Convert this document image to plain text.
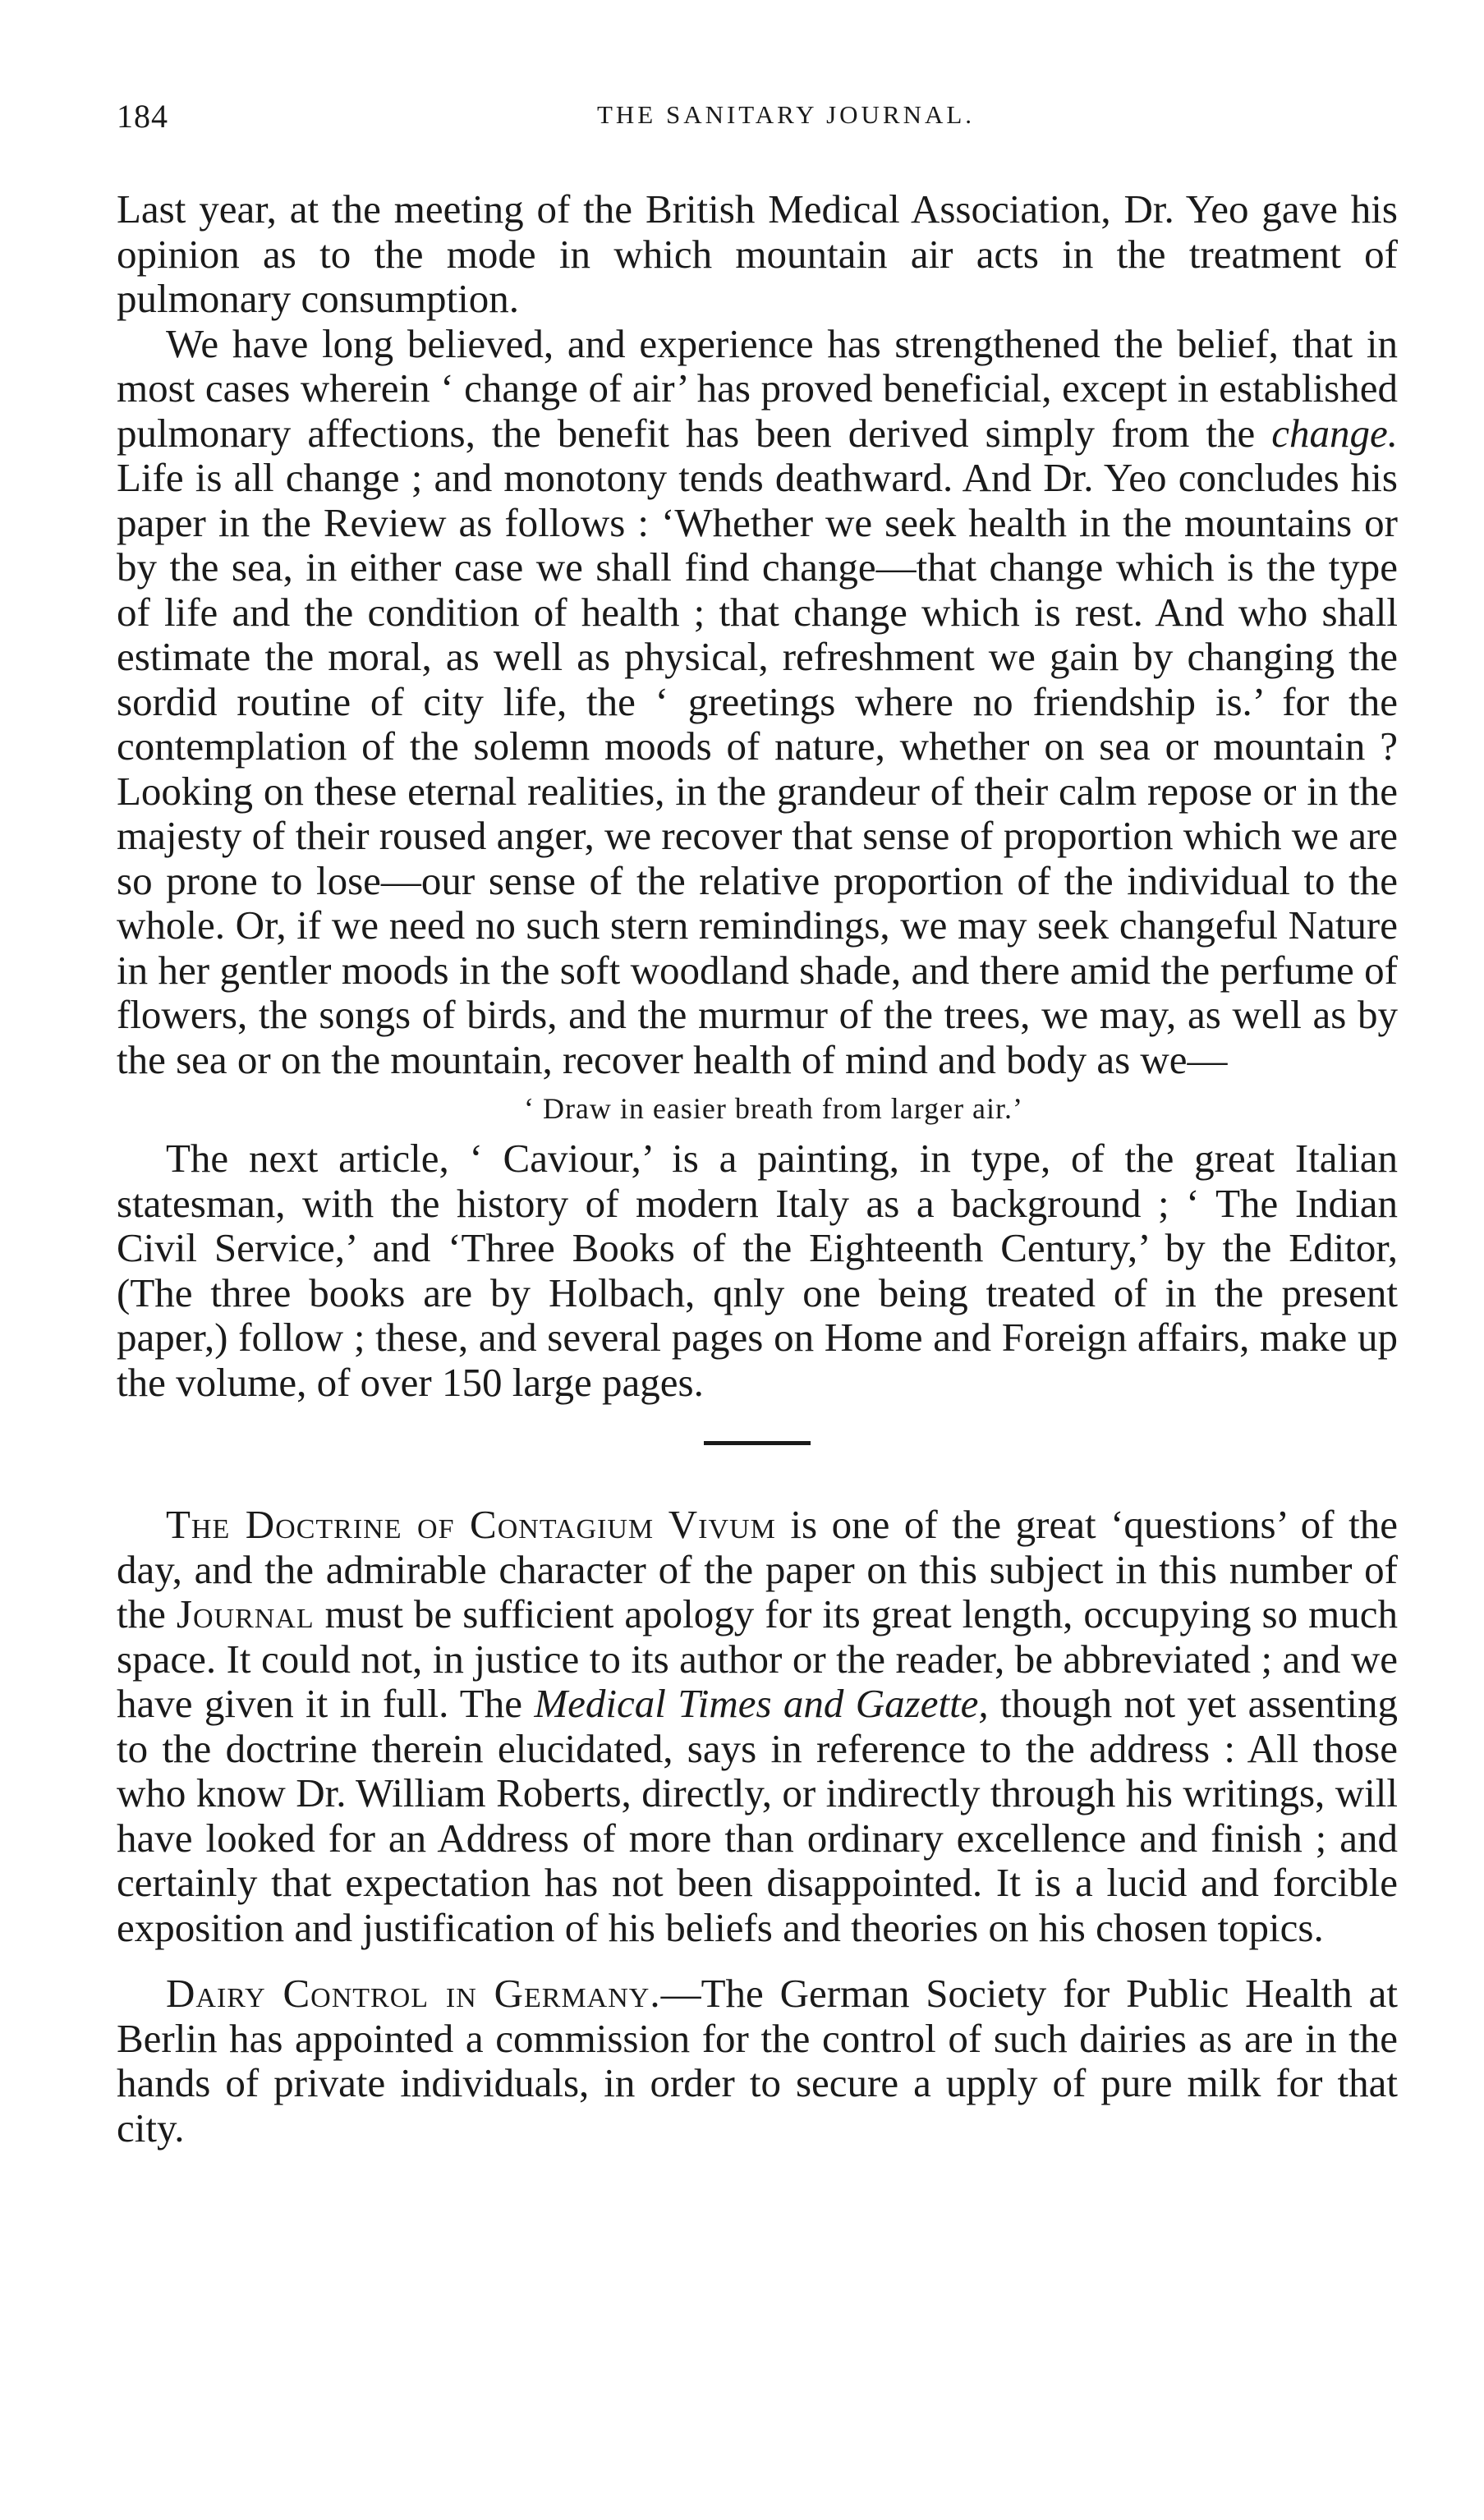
184	THE SANITARY JOURNAL.

Last year, at the meeting of the British Medical Association, Dr. Yeo gave his opinion as to the mode in which mountain air acts in the treatment of pulmonary consumption.

We have long believed, and experience has strengthened the belief, that in most cases wherein ‘ change of air’ has proved beneficial, except in established pulmonary affections, the benefit has been derived simply from the change. Life is all change ; and monotony tends deathward. And Dr. Yeo concludes his paper in the Review as follows : ‘Whether we seek health in the mountains or by the sea, in either case we shall find change—that change which is the type of life and the condition of health ; that change which is rest. And who shall estimate the moral, as well as physical, refreshment we gain by changing the sordid routine of city life, the ‘ greetings where no friendship is.’ for the contemplation of the solemn moods of nature, whether on sea or mountain ? Looking on these eternal realities, in the grandeur of their calm repose or in the majesty of their roused anger, we recover that sense of proportion which we are so prone to lose—our sense of the relative proportion of the individual to the whole. Or, if we need no such stern remindings, we may seek changeful Nature in her gentler moods in the soft woodland shade, and there amid the perfume of flowers, the songs of birds, and the murmur of the trees, we may, as well as by the sea or on the mountain, recover health of mind and body as we—

‘ Draw in easier breath from larger air.’

The next article, ‘ Caviour,’ is a painting, in type, of the great Italian statesman, with the history of modern Italy as a background ; ‘ The Indian Civil Service,’ and ‘Three Books of the Eighteenth Century,’ by the Editor, (The three books are by Holbach, qnly one being treated of in the present paper,) follow ; these, and several pages on Home and Foreign affairs, make up the volume, of over 150 large pages.

The Doctrine of Contagium Vivum is one of the great ‘questions’ of the day, and the admirable character of the paper on this subject in this number of the Journal must be sufficient apology for its great length, occupying so much space. It could not, in justice to its author or the reader, be abbreviated ; and we have given it in full. The Medical Times and Gazette, though not yet assenting to the doctrine therein elucidated, says in reference to the address : All those who know Dr. William Roberts, directly, or indirectly through his writings, will have looked for an Address of more than ordinary excellence and finish ; and certainly that expectation has not been disappointed. It is a lucid and forcible exposition and justification of his beliefs and theories on his chosen topics.

Dairy Control in Germany.—The German Society for Public Health at Berlin has appointed a commission for the control of such dairies as are in the hands of private individuals, in order to secure a upply of pure milk for that city.
